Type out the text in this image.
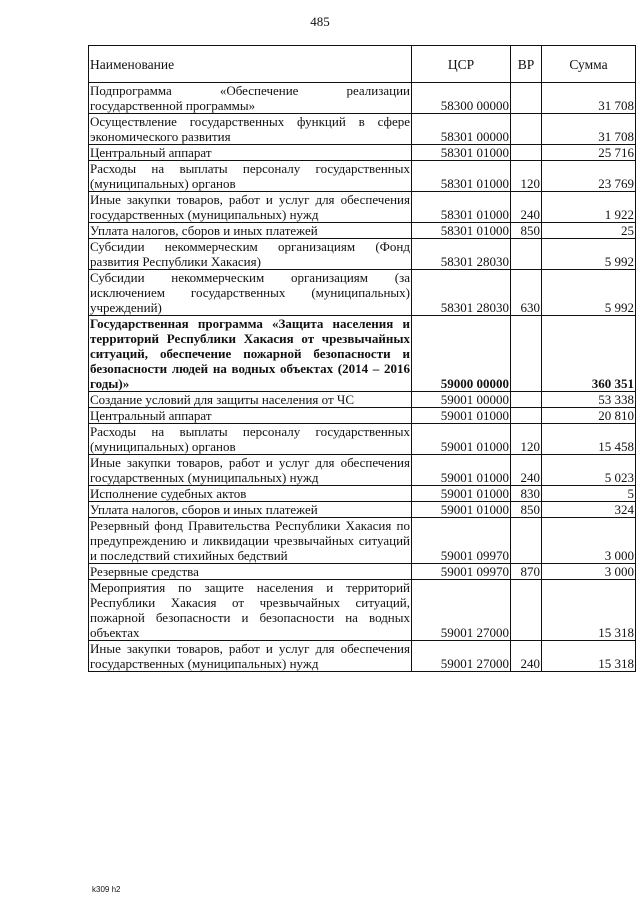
485
Наименование	ЦСР	ВР	Сумма
Подпрограмма «Обеспечение реализации государственной программы»	58300 00000		31 708
Осуществление государственных функций в сфере экономического развития	58301 00000		31 708
Центральный аппарат	58301 01000		25 716
Расходы на выплаты персоналу государственных (муниципальных) органов	58301 01000	120	23 769
Иные закупки товаров, работ и услуг для обеспечения государственных (муниципальных) нужд	58301 01000	240	1 922
Уплата налогов, сборов и иных платежей	58301 01000	850	25
Субсидии некоммерческим организациям (Фонд развития Республики Хакасия)	58301 28030		5 992
Субсидии некоммерческим организациям (за исключением государственных (муниципальных) учреждений)	58301 28030	630	5 992
Государственная программа «Защита населения и территорий Республики Хакасия от чрезвычайных ситуаций, обеспечение пожарной безопасности и безопасности людей на водных объектах (2014 – 2016 годы)»	59000 00000		360 351
Создание условий для защиты населения от ЧС	59001 00000		53 338
Центральный аппарат	59001 01000		20 810
Расходы на выплаты персоналу государственных (муниципальных) органов	59001 01000	120	15 458
Иные закупки товаров, работ и услуг для обеспечения государственных (муниципальных) нужд	59001 01000	240	5 023
Исполнение судебных актов	59001 01000	830	5
Уплата налогов, сборов и иных платежей	59001 01000	850	324
Резервный фонд Правительства Республики Хакасия по предупреждению и ликвидации чрезвычайных ситуаций и последствий стихийных бедствий	59001 09970		3 000
Резервные средства	59001 09970	870	3 000
Мероприятия по защите населения и территорий Республики Хакасия от чрезвычайных ситуаций, пожарной безопасности и безопасности на водных объектах	59001 27000		15 318
Иные закупки товаров, работ и услуг для обеспечения государственных (муниципальных) нужд	59001 27000	240	15 318
k309 h2
